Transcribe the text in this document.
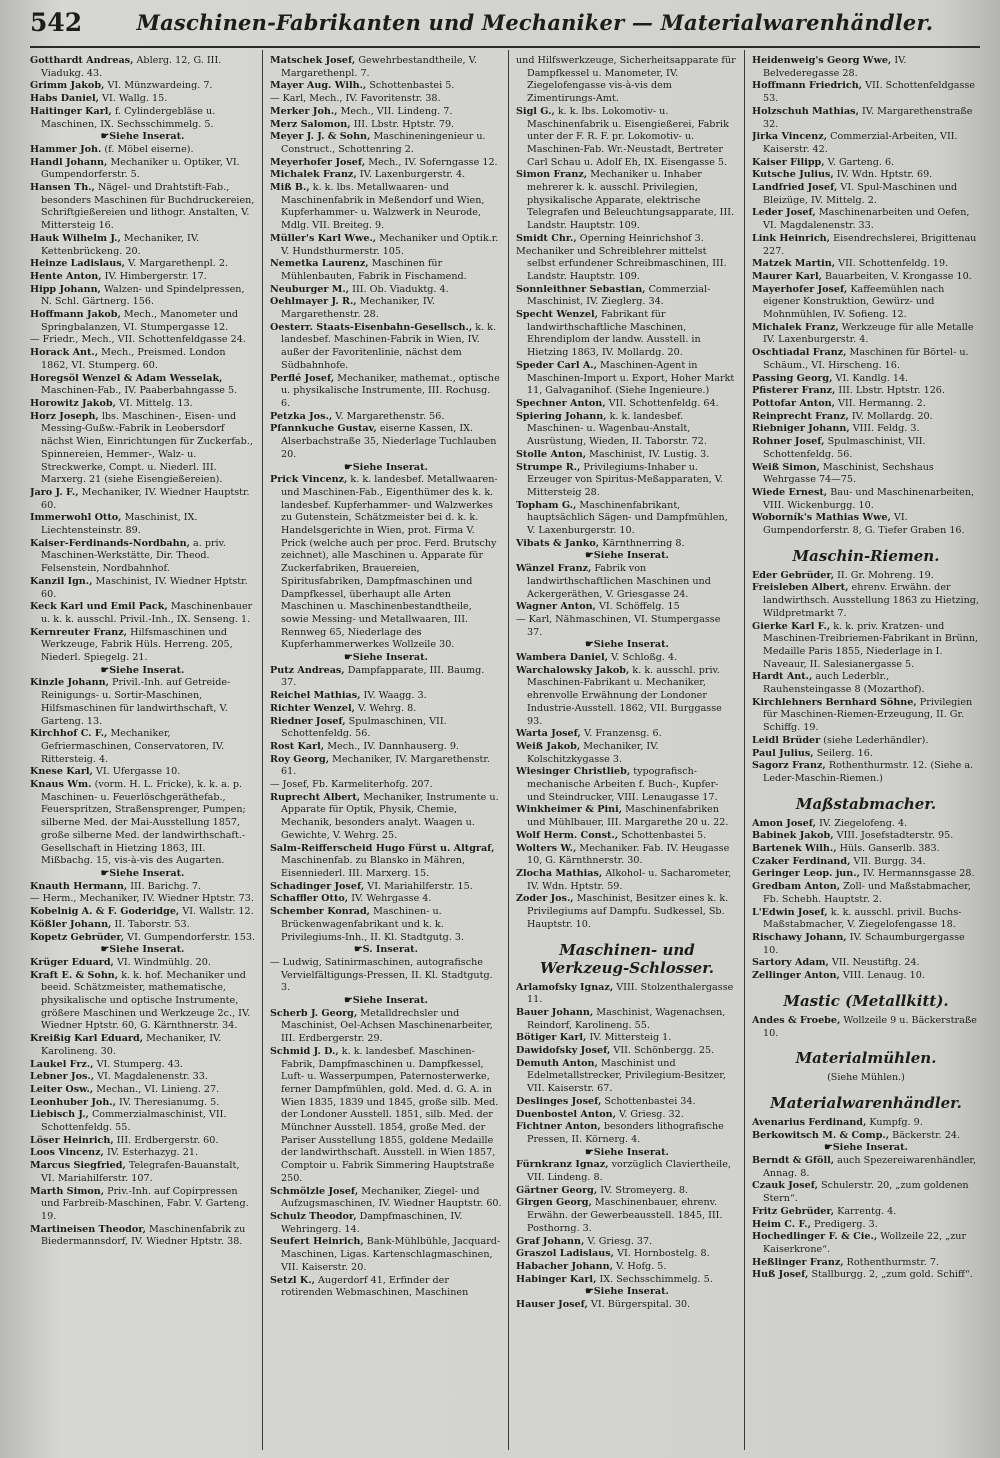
542	Maschinen-Fabrikanten und Mechaniker — Materialwarenhändler.

Gotthardt Andreas, Ablerg. 12, G. III. Viadukg. 43.

Grimm Jakob, VI. Münzwardeing. 7.

Habs Daniel, VI. Wallg. 15.

Haitinger Karl, f. Cylindergebläse u. Maschinen, IX. Sechsschimmelg. 5.

☛ Siehe Inserat.

Hammer Joh. (f. Möbel eiserne).

Handl Johann, Mechaniker u. Optiker, VI. Gumpendorferstr. 5.

Hansen Th., Nägel- und Drahtstift-Fab., besonders Maschinen für Buchdruckereien, Schriftgießereien und lithogr. Anstalten, V. Mittersteig 16.

Hauk Wilhelm J., Mechaniker, IV. Kettenbrückeng. 20.

Heinze Ladislaus, V. Margarethenpl. 2.

Hente Anton, IV. Himbergerstr. 17.

Hipp Johann, Walzen- und Spindelpressen, N. Schl. Gärtnerg. 156.

Hoffmann Jakob, Mech., Manometer und Springbalanzen, VI. Stumpergasse 12.

— Friedr., Mech., VII. Schottenfeldgasse 24.

Horack Ant., Mech., Preismed. London 1862, VI. Stumperg. 60.

Horegsöl Wenzel & Adam Wesselak, Maschinen-Fab., IV. Paaberbahngasse 5.

Horowitz Jakob, VI. Mittelg. 13.

Horz Joseph, lbs. Maschinen-, Eisen- und Messing-Gußw.-Fabrik in Leobersdorf nächst Wien, Einrichtungen für Zuckerfab., Spinnereien, Hemmer-, Walz- u. Streckwerke, Compt. u. Niederl. III. Marxerg. 21 (siehe Eisengießereien).

Jaro J. F., Mechaniker, IV. Wiedner Hauptstr. 60.

Immerwohl Otto, Maschinist, IX. Liechtensteinstr. 89.

Kaiser-Ferdinands-Nordbahn, a. priv. Maschinen-Werkstätte, Dir. Theod. Felsenstein, Nordbahnhof.

Kanzil Ign., Maschinist, IV. Wiedner Hptstr. 60.

Keck Karl und Emil Pack, Maschinenbauer u. k. k. ausschl. Privil.-Inh., IX. Senseng. 1.

Kernreuter Franz, Hilfsmaschinen und Werkzeuge, Fabrik Hüls. Herreng. 205, Niederl. Spiegelg. 21.

☛ Siehe Inserat.

Kinzle Johann, Privil.-Inh. auf Getreide-Reinigungs- u. Sortir-Maschinen, Hilfsmaschinen für landwirthschaft, V. Garteng. 13.

Kirchhof C. F., Mechaniker, Gefriermaschinen, Conservatoren, IV. Rittersteig. 4.

Knese Karl, VI. Ufergasse 10.

Knaus Wm. (vorm. H. L. Fricke), k. k. a. p. Maschinen- u. Feuerlöschgeräthefab., Feuerspritzen, Straßensprenger, Pumpen; silberne Med. der Mai-Ausstellung 1857, große silberne Med. der landwirthschaft.-Gesellschaft in Hietzing 1863, III. Mißbachg. 15, vis-à-vis des Augarten.

☛ Siehe Inserat.

Knauth Hermann, III. Barichg. 7.

— Herm., Mechaniker, IV. Wiedner Hptstr. 73.

Kobelnig A. & F. Goderidge, VI. Wallstr. 12.

Kößler Johann, II. Taborstr. 53.

Kopetz Gebrüder, VI. Gumpendorferstr. 153.

☛ Siehe Inserat.

Krüger Eduard, VI. Windmühlg. 20.

Kraft E. & Sohn, k. k. hof. Mechaniker und beeid. Schätzmeister, mathematische, physikalische und optische Instrumente, größere Maschinen und Werkzeuge 2c., IV. Wiedner Hptstr. 60, G. Kärnthnerstr. 34.

Kreißig Karl Eduard, Mechaniker, IV. Karolineng. 30.

Laukel Frz., VI. Stumperg. 43.

Lebner Jos., VI. Magdalenenstr. 33.

Leiter Osw., Mechan., VI. Linieng. 27.

Leonhuber Joh., IV. Theresianumg. 5.

Liebisch J., Commerzialmaschinist, VII. Schottenfeldg. 55.

Löser Heinrich, III. Erdbergerstr. 60.

Loos Vincenz, IV. Esterhazyg. 21.

Marcus Siegfried, Telegrafen-Bauanstalt, VI. Mariahilferstr. 107.

Marth Simon, Priv.-Inh. auf Copirpressen und Farbreib-Maschinen, Fabr. V. Garteng. 19.

Martineisen Theodor, Maschinenfabrik zu Biedermannsdorf, IV. Wiedner Hptstr. 38.

Matschek Josef, Gewehrbestandtheile, V. Margarethenpl. 7.

Mayer Aug. Wilh., Schottenbastei 5.

— Karl, Mech., IV. Favoritenstr. 38.

Merker Joh., Mech., VII. Lindeng. 7.

Merz Salomon, III. Lbstr. Hptstr. 79.

Meyer J. J. & Sohn, Maschineningenieur u. Construct., Schottenring 2.

Meyerhofer Josef, Mech., IV. Soferngasse 12.

Michalek Franz, IV. Laxenburgerstr. 4.

Miß B., k. k. lbs. Metallwaaren- und Maschinenfabrik in Meßendorf und Wien, Kupferhammer- u. Walzwerk in Neurode, Mdlg. VII. Breiteg. 9.

Müller's Karl Wwe., Mechaniker und Optik.r. V. Hundsthurmerstr. 105.

Nemetka Laurenz, Maschinen für Mühlenbauten, Fabrik in Fischamend.

Neuburger M., III. Ob. Viaduktg. 4.

Oehlmayer J. R., Mechaniker, IV. Margarethenstr. 28.

Oesterr. Staats-Eisenbahn-Gesellsch., k. k. landesbef. Maschinen-Fabrik in Wien, IV. außer der Favoritenlinie, nächst dem Südbahnhofe.

Perflé Josef, Mechaniker, mathemat., optische u. physikalische Instrumente, III. Rochusg. 6.

Petzka Jos., V. Margarethenstr. 56.

Pfannkuche Gustav, eiserne Kassen, IX. Alserbachstraße 35, Niederlage Tuchlauben 20.

☛ Siehe Inserat.

Prick Vincenz, k. k. landesbef. Metallwaaren- und Maschinen-Fab., Eigenthümer des k. k. landesbef. Kupferhammer- und Walzwerkes zu Gutenstein, Schätzmeister bei d. k. k. Handelsgerichte in Wien, prot. Firma V. Prick (welche auch per proc. Ferd. Brutschy zeichnet), alle Maschinen u. Apparate für Zuckerfabriken, Brauereien, Spiritusfabriken, Dampfmaschinen und Dampfkessel, überhaupt alle Arten Maschinen u. Maschinenbestandtheile, sowie Messing- und Metallwaaren, III. Rennweg 65, Niederlage des Kupferhammerwerkes Wollzeile 30.

☛ Siehe Inserat.

Putz Andreas, Dampfapparate, III. Baumg. 37.

Reichel Mathias, IV. Waagg. 3.

Richter Wenzel, V. Wehrg. 8.

Riedner Josef, Spulmaschinen, VII. Schottenfeldg. 56.

Rost Karl, Mech., IV. Dannhauserg. 9.

Roy Georg, Mechaniker, IV. Margarethenstr. 61.

— Josef, Fb. Karmeliterhofg. 207.

Ruprecht Albert, Mechaniker, Instrumente u. Apparate für Optik, Physik, Chemie, Mechanik, besonders analyt. Waagen u. Gewichte, V. Wehrg. 25.

Salm-Reifferscheid Hugo Fürst u. Altgraf, Maschinenfab. zu Blansko in Mähren, Eisenniederl. III. Marxerg. 15.

Schadinger Josef, VI. Mariahilferstr. 15.

Schaffler Otto, IV. Wehrgasse 4.

Schember Konrad, Maschinen- u. Brückenwagenfabrikant und k. k. Privilegiums-Inh., II. Kl. Stadtgutg. 3.

☛ S. Inserat.

— Ludwig, Satinirmaschinen, autografische Vervielfältigungs-Pressen, II. Kl. Stadtgutg. 3.

☛ Siehe Inserat.

Scherb J. Georg, Metalldrechsler und Maschinist, Oel-Achsen Maschinenarbeiter, III. Erdbergerstr. 29.

Schmid J. D., k. k. landesbef. Maschinen-Fabrik, Dampfmaschinen u. Dampfkessel, Luft- u. Wasserpumpen, Paternosterwerke, ferner Dampfmühlen, gold. Med. d. G. A. in Wien 1835, 1839 und 1845, große silb. Med. der Londoner Ausstell. 1851, silb. Med. der Münchner Ausstell. 1854, große Med. der Pariser Ausstellung 1855, goldene Medaille der landwirthschaft. Ausstell. in Wien 1857, Comptoir u. Fabrik Simmering Hauptstraße 250.

Schmölzle Josef, Mechaniker, Ziegel- und Aufzugsmaschinen, IV. Wiedner Hauptstr. 60.

Schulz Theodor, Dampfmaschinen, IV. Wehringerg. 14.

Seufert Heinrich, Bank-Mühlbühle, Jacquard-Maschinen, Ligas. Kartenschlagmaschinen, VII. Kaiserstr. 20.

Setzl K., Augerdorf 41, Erfinder der rotirenden Webmaschinen, Maschinen

und Hilfswerkzeuge, Sicherheitsapparate für Dampfkessel u. Manometer, IV. Ziegelofengasse vis-à-vis dem Zimentirungs-Amt.

Sigl G., k. k. lbs. Lokomotiv- u. Maschinenfabrik u. Eisengießerei, Fabrik unter der F. R. F. pr. Lokomotiv- u. Maschinen-Fab. Wr.-Neustadt, Bertreter Carl Schau u. Adolf Eh, IX. Eisengasse 5.

Simon Franz, Mechaniker u. Inhaber mehrerer k. k. ausschl. Privilegien, physikalische Apparate, elektrische Telegrafen und Beleuchtungsapparate, III. Landstr. Hauptstr. 109.

Smidt Chr., Operning Heinrichshof 3.

Mechaniker und Schreiblehrer mittelst selbst erfundener Schreibmaschinen, III. Landstr. Hauptstr. 109.

Sonnleithner Sebastian, Commerzial-Maschinist, IV. Zieglerg. 34.

Specht Wenzel, Fabrikant für landwirthschaftliche Maschinen, Ehrendiplom der landw. Ausstell. in Hietzing 1863, IV. Mollardg. 20.

Speder Carl A., Maschinen-Agent in Maschinen-Import u. Export, Hoher Markt 11, Galvaganihof. (Siehe Ingenieure.)

Spechner Anton, VII. Schottenfeldg. 64.

Spiering Johann, k. k. landesbef. Maschinen- u. Wagenbau-Anstalt, Ausrüstung, Wieden, II. Taborstr. 72.

Stolle Anton, Maschinist, IV. Lustig. 3.

Strumpe R., Privilegiums-Inhaber u. Erzeuger von Spiritus-Meßapparaten, V. Mittersteig 28.

Topham G., Maschinenfabrikant, hauptsächlich Sägen- und Dampfmühlen, V. Laxenburgerstr. 10.

Vibats & Janko, Kärnthnerring 8.

☛ Siehe Inserat.

Wänzel Franz, Fabrik von landwirthschaftlichen Maschinen und Ackergeräthen, V. Griesgasse 24.

Wagner Anton, VI. Schöffelg. 15

— Karl, Nähmaschinen, VI. Stumpergasse 37.

☛ Siehe Inserat.

Wambera Daniel, V. Schloßg. 4.

Warchalowsky Jakob, k. k. ausschl. priv. Maschinen-Fabrikant u. Mechaniker, ehrenvolle Erwähnung der Londoner Industrie-Ausstell. 1862, VII. Burggasse 93.

Warta Josef, V. Franzensg. 6.

Weiß Jakob, Mechaniker, IV. Kolschitzkygasse 3.

Wiesinger Christlieb, typografisch-mechanische Arbeiten f. Buch-, Kupfer- und Steindrucker, VIII. Lenaugasse 17.

Winkheimer & Pini, Maschinenfabriken und Mühlbauer, III. Margarethe 20 u. 22.

Wolf Herm. Const., Schottenbastei 5.

Wolters W., Mechaniker. Fab. IV. Heugasse 10, G. Kärnthnerstr. 30.

Zlocha Mathias, Alkohol- u. Sacharometer, IV. Wdn. Hptstr. 59.

Zoder Jos., Maschinist, Besitzer eines k. k. Privilegiums auf Dampfu. Sudkessel, Sb. Hauptstr. 10.

Maschinen- und Werkzeug-Schlosser.

Arlamofsky Ignaz, VIII. Stolzenthalergasse 11.

Bauer Johann, Maschinist, Wagenachsen, Reindorf, Karolineng. 55.

Bötiger Karl, IV. Mittersteig 1.

Dawidofsky Josef, VII. Schönbergg. 25.

Demuth Anton, Maschinist und Edelmetallstrecker, Privilegium-Besitzer, VII. Kaiserstr. 67.

Deslinges Josef, Schottenbastei 34.

Duenbostel Anton, V. Griesg. 32.

Fichtner Anton, besonders lithografische Pressen, II. Körnerg. 4.

☛ Siehe Inserat.

Fürnkranz Ignaz, vorzüglich Claviertheile, VII. Lindeng. 8.

Gärtner Georg, IV. Stromeyerg. 8.

Girgen Georg, Maschinenbauer, ehrenv. Erwähn. der Gewerbeausstell. 1845, III. Posthorng. 3.

Graf Johann, V. Griesg. 37.

Graszol Ladislaus, VI. Hornbostelg. 8.

Habacher Johann, V. Hofg. 5.

Habinger Karl, IX. Sechsschimmelg. 5.

☛ Siehe Inserat.

Hauser Josef, VI. Bürgerspital. 30.

Heidenweig's Georg Wwe, IV. Belvederegasse 28.

Hoffmann Friedrich, VII. Schottenfeldgasse 53.

Holzschuh Mathias, IV. Margarethenstraße 32.

Jirka Vincenz, Commerzial-Arbeiten, VII. Kaiserstr. 42.

Kaiser Filipp, V. Garteng. 6.

Kutsche Julius, IV. Wdn. Hptstr. 69.

Landfried Josef, VI. Spul-Maschinen und Bleizüge, IV. Mittelg. 2.

Leder Josef, Maschinenarbeiten und Oefen, VI. Magdalenenstr. 33.

Link Heinrich, Eisendrechslerei, Brigittenau 227.

Matzek Martin, VII. Schottenfeldg. 19.

Maurer Karl, Bauarbeiten, V. Krongasse 10.

Mayerhofer Josef, Kaffeemühlen nach eigener Konstruktion, Gewürz- und Mohnmühlen, IV. Sofieng. 12.

Michalek Franz, Werkzeuge für alle Metalle IV. Laxenburgerstr. 4.

Oschtiadal Franz, Maschinen für Börtel- u. Schäum., VI. Hirscheng. 16.

Passing Georg, VI. Kandlg. 14.

Pfisterer Franz, III. Lbstr. Hptstr. 126.

Pottofar Anton, VII. Hermanng. 2.

Reinprecht Franz, IV. Mollardg. 20.

Riebniger Johann, VIII. Feldg. 3.

Rohner Josef, Spulmaschinist, VII. Schottenfeldg. 56.

Weiß Simon, Maschinist, Sechshaus Wehrgasse 74—75.

Wiede Ernest, Bau- und Maschinenarbeiten, VIII. Wickenburgg. 10.

Woborník's Mathias Wwe, VI. Gumpendorferstr. 8, G. Tiefer Graben 16.

Maschin-Riemen.

Eder Gebrüder, II. Gr. Mohreng. 19.

Freisleben Albert, ehrenv. Erwähn. der landwirthsch. Ausstellung 1863 zu Hietzing, Wildpretmarkt 7.

Gierke Karl F., k. k. priv. Kratzen- und Maschinen-Treibriemen-Fabrikant in Brünn, Medaille Paris 1855, Niederlage in I. Naveaur, II. Salesianergasse 5.

Hardt Ant., auch Lederblr., Rauhensteingasse 8 (Mozarthof).

Kirchlehners Bernhard Söhne, Privilegien für Maschinen-Riemen-Erzeugung, II. Gr. Schiffg. 19.

Leidl Brüder (siehe Lederhändler).

Paul Julius, Seilerg. 16.

Sagorz Franz, Rothenthurmstr. 12. (Siehe a. Leder-Maschin-Riemen.)

Maßstabmacher.

Amon Josef, IV. Ziegelofeng. 4.

Babinek Jakob, VIII. Josefstadterstr. 95.

Bartenek Wilh., Hüls. Ganserlb. 383.

Czaker Ferdinand, VII. Burgg. 34.

Geringer Leop. jun., IV. Hermannsgasse 28.

Gredbam Anton, Zoll- und Maßstabmacher, Fb. Schebh. Hauptstr. 2.

L'Edwin Josef, k. k. ausschl. privil. Buchs-Maßstabmacher, V. Ziegelofengasse 18.

Rischawy Johann, IV. Schaumburgergasse 10.

Sartory Adam, VII. Neustiftg. 24.

Zellinger Anton, VIII. Lenaug. 10.

Mastic (Metallkitt).

Andes & Froebe, Wollzeile 9 u. Bäckerstraße 10.

Materialmühlen.
(Siehe Mühlen.)
Materialwarenhändler.

Avenarius Ferdinand, Kumpfg. 9.

Berkowitsch M. & Comp., Bäckerstr. 24.

☛ Siehe Inserat.

Berndt & Gföll, auch Spezereiwarenhändler, Annag. 8.

Czauk Josef, Schulerstr. 20, „zum goldenen Stern“.

Fritz Gebrüder, Karrentg. 4.

Heim C. F., Predigerg. 3.

Hochedlinger F. & Cie., Wollzeile 22, „zur Kaiserkrone“.

Heßlinger Franz, Rothenthurmstr. 7.

Huß Josef, Stallburgg. 2, „zum gold. Schiff“.
